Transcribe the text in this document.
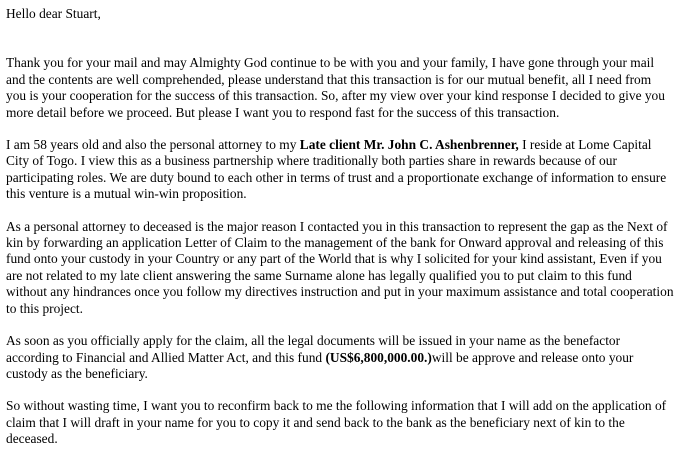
Hello dear Stuart,

Thank you for your mail and may Almighty God continue to be with you and your family, I have gone through your mail and the contents are well comprehended, please understand that this transaction is for our mutual benefit, all I need from you is your cooperation for the success of this transaction. So, after my view over your kind response I decided to give you more detail before we proceed. But please I want you to respond fast for the success of this transaction.

I am 58 years old and also the personal attorney to my Late client Mr. John C. Ashenbrenner, I reside at Lome Capital City of Togo. I view this as a business partnership where traditionally both parties share in rewards because of our participating roles. We are duty bound to each other in terms of trust and a proportionate exchange of information to ensure this venture is a mutual win-win proposition.

As a personal attorney to deceased is the major reason I contacted you in this transaction to represent the gap as the Next of kin by forwarding an application Letter of Claim to the management of the bank for Onward approval and releasing of this fund onto your custody in your Country or any part of the World that is why I solicited for your kind assistant, Even if you are not related to my late client answering the same Surname alone has legally qualified you to put claim to this fund without any hindrances once you follow my directives instruction and put in your maximum assistance and total cooperation to this project.

As soon as you officially apply for the claim, all the legal documents will be issued in your name as the benefactor according to Financial and Allied Matter Act, and this fund (US$6,800,000.00.)will be approve and release onto your custody as the beneficiary.

So without wasting time, I want you to reconfirm back to me the following information that I will add on the application of claim that I will draft in your name for you to copy it and send back to the bank as the beneficiary next of kin to the deceased.
